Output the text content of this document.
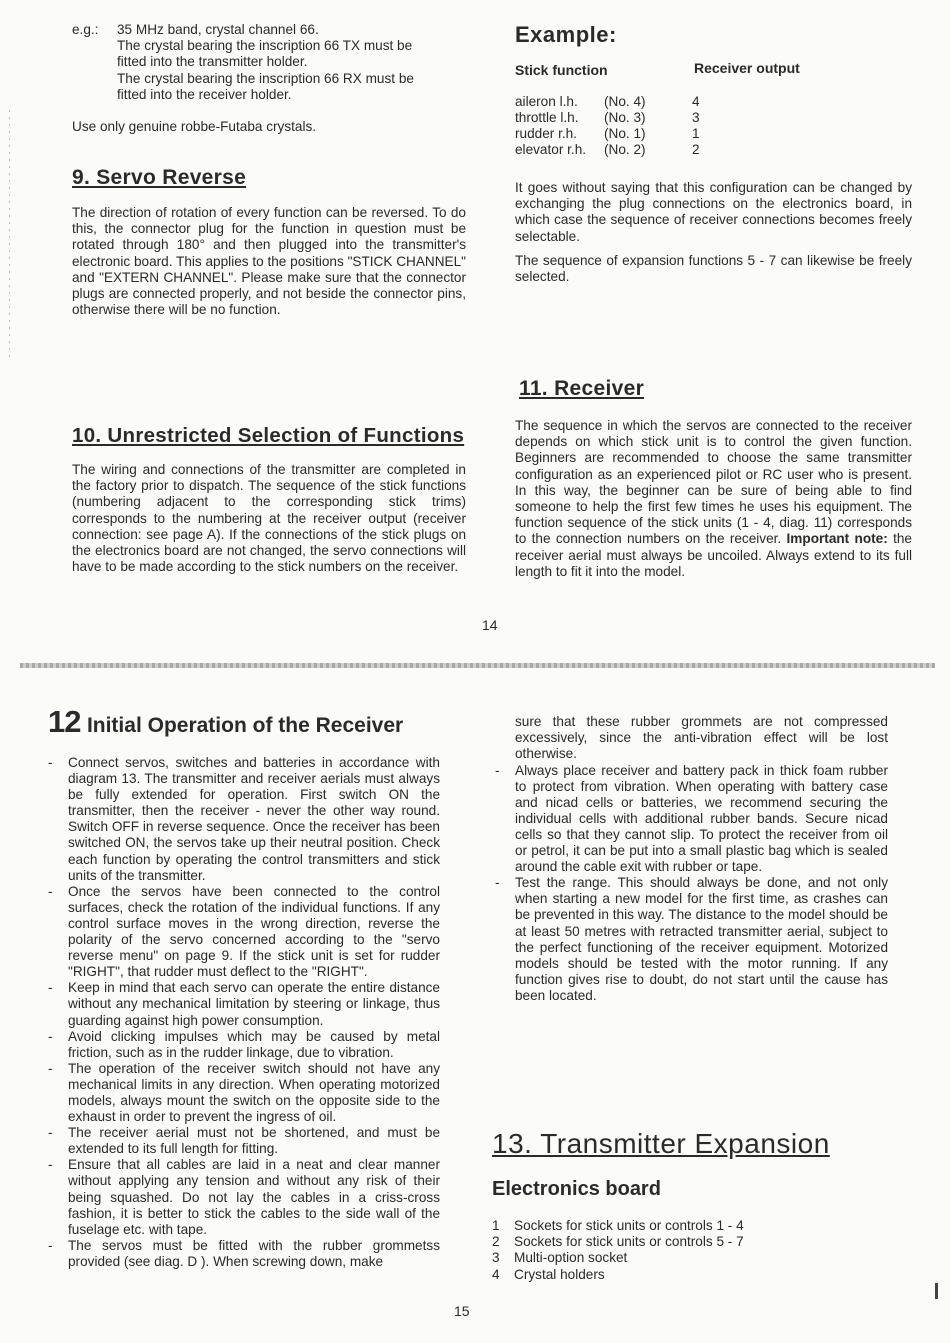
e.g.: 35 MHz band, crystal channel 66.
The crystal bearing the inscription 66 TX must be
fitted into the transmitter holder.
The crystal bearing the inscription 66 RX must be
fitted into the receiver holder.

Use only genuine robbe-Futaba crystals.

9. Servo Reverse

The direction of rotation of every function can be reversed. To do this, the connector plug for the function in question must be rotated through 180° and then plugged into the transmitter's electronic board. This applies to the positions "STICK CHANNEL" and "EXTERN CHANNEL". Please make sure that the connector plugs are connected properly, and not beside the connector pins, otherwise there will be no function.

10. Unrestricted Selection of Functions

The wiring and connections of the transmitter are completed in the factory prior to dispatch. The sequence of the stick functions (numbering adjacent to the corresponding stick trims) corresponds to the numbering at the receiver output (receiver connection: see page A). If the connections of the stick plugs on the electronics board are not changed, the servo connections will have to be made according to the stick numbers on the receiver.

Example:
Stick function	Receiver output
aileron l.h. (No. 4)	4
throttle l.h. (No. 3)	3
rudder r.h. (No. 1)	1
elevator r.h. (No. 2)	2

It goes without saying that this configuration can be changed by exchanging the plug connections on the electronics board, in which case the sequence of receiver connections becomes freely selectable.

The sequence of expansion functions 5 - 7 can likewise be freely selected.

11. Receiver

The sequence in which the servos are connected to the receiver depends on which stick unit is to control the given function. Beginners are recommended to choose the same transmitter configuration as an experienced pilot or RC user who is present. In this way, the beginner can be sure of being able to find someone to help the first few times he uses his equipment. The function sequence of the stick units (1 - 4, diag. 11) corresponds to the connection numbers on the receiver. Important note: the receiver aerial must always be uncoiled. Always extend to its full length to fit it into the model.

14
12 Initial Operation of the Receiver
- Connect servos, switches and batteries in accordance with diagram 13. The transmitter and receiver aerials must always be fully extended for operation. First switch ON the transmitter, then the receiver - never the other way round. Switch OFF in reverse sequence. Once the receiver has been switched ON, the servos take up their neutral position. Check each function by operating the control transmitters and stick units of the transmitter.
- Once the servos have been connected to the control surfaces, check the rotation of the individual functions. If any control surface moves in the wrong direction, reverse the polarity of the servo concerned according to the "servo reverse menu" on page 9. If the stick unit is set for rudder "RIGHT", that rudder must deflect to the "RIGHT".
- Keep in mind that each servo can operate the entire distance without any mechanical limitation by steering or linkage, thus guarding against high power consumption.
- Avoid clicking impulses which may be caused by metal friction, such as in the rudder linkage, due to vibration.
- The operation of the receiver switch should not have any mechanical limits in any direction. When operating motorized models, always mount the switch on the opposite side to the exhaust in order to prevent the ingress of oil.
- The receiver aerial must not be shortened, and must be extended to its full length for fitting.
- Ensure that all cables are laid in a neat and clear manner without applying any tension and without any risk of their being squashed. Do not lay the cables in a criss-cross fashion, it is better to stick the cables to the side wall of the fuselage etc. with tape.
- The servos must be fitted with the rubber grommetss provided (see diag. D ). When screwing down, make

sure that these rubber grommets are not compressed excessively, since the anti-vibration effect will be lost otherwise.

- Always place receiver and battery pack in thick foam rubber to protect from vibration. When operating with battery case and nicad cells or batteries, we recommend securing the individual cells with additional rubber bands. Secure nicad cells so that they cannot slip. To protect the receiver from oil or petrol, it can be put into a small plastic bag which is sealed around the cable exit with rubber or tape.
- Test the range. This should always be done, and not only when starting a new model for the first time, as crashes can be prevented in this way. The distance to the model should be at least 50 metres with retracted transmitter aerial, subject to the perfect functioning of the receiver equipment. Motorized models should be tested with the motor running. If any function gives rise to doubt, do not start until the cause has been located.
13. Transmitter Expansion
Electronics board
1 Sockets for stick units or controls 1 - 4
2 Sockets for stick units or controls 5 - 7
3 Multi-option socket
4 Crystal holders
15
